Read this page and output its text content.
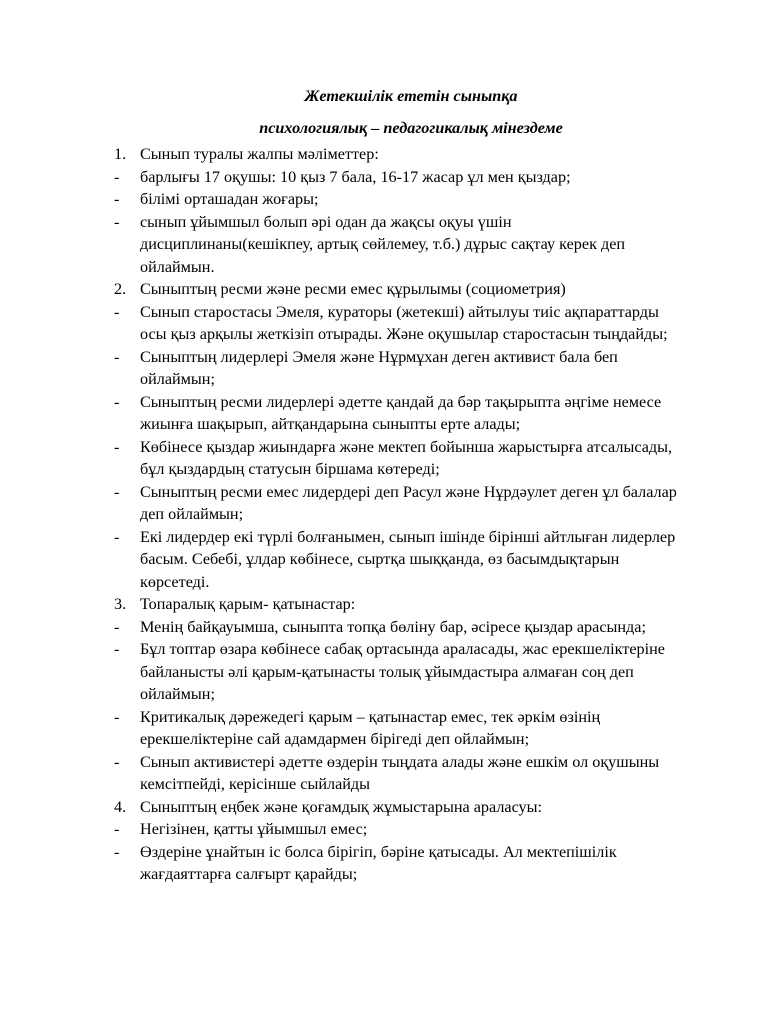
Жетекшілік ететін сыныпқа

психологиялық – педагогикалық мінездеме

1. Сынып туралы жалпы мәліметтер:
-	барлығы 17 оқушы: 10 қыз 7 бала, 16-17 жасар ұл мен қыздар;
-	білімі орташадан жоғары;
-	сынып ұйымшыл болып әрі одан да жақсы оқуы үшін дисциплинаны(кешікпеу, артық сөйлемеу, т.б.) дұрыс сақтау керек деп ойлаймын.
2. Сыныптың ресми және ресми емес құрылымы (социометрия)
-	Сынып старостасы Эмеля, кураторы (жетекші) айтылуы тиіс ақпараттарды осы қыз арқылы жеткізіп отырады. Және оқушылар старостасын тыңдайды;
-	Сыныптың лидерлері Эмеля және Нұрмұхан деген активист бала беп ойлаймын;
-	Сыныптың ресми лидерлері әдетте қандай да бәр тақырыпта әңгіме немесе жиынға шақырып, айтқандарына сыныпты ерте алады;
-	Көбінесе қыздар жиындарға және мектеп бойынша жарыстырға атсалысады, бұл қыздардың статусын біршама көтереді;
-	Сыныптың ресми емес лидердері деп Расул және Нұрдәулет деген ұл балалар деп ойлаймын;
-	Екі лидердер екі түрлі болғанымен, сынып ішінде бірінші айтлыған лидерлер басым. Себебі, ұлдар көбінесе, сыртқа шыққанда, өз басымдықтарын көрсетеді.
3. Топаралық қарым- қатынастар:
-	Менің байқауымша, сыныпта топқа бөліну бар, әсіресе қыздар арасында;
-	Бұл топтар өзара көбінесе сабақ ортасында араласады, жас ерекшеліктеріне байланысты әлі қарым-қатынасты толық ұйымдастыра алмаған соң деп ойлаймын;
-	Критикалық дәрежедегі қарым – қатынастар емес, тек әркім өзінің ерекшеліктеріне сай адамдармен бірігеді деп ойлаймын;
-	Сынып активистері әдетте өздерін тыңдата алады және ешкім ол оқушыны кемсітпейді, керісінше сыйлайды
4. Сыныптың еңбек және қоғамдық жұмыстарына араласуы:
-	Негізінен, қатты ұйымшыл емес;
-	Өздеріне ұнайтын іс болса бірігіп, бәріне қатысады. Ал мектепішілік жағдаяттарға салғырт қарайды;
